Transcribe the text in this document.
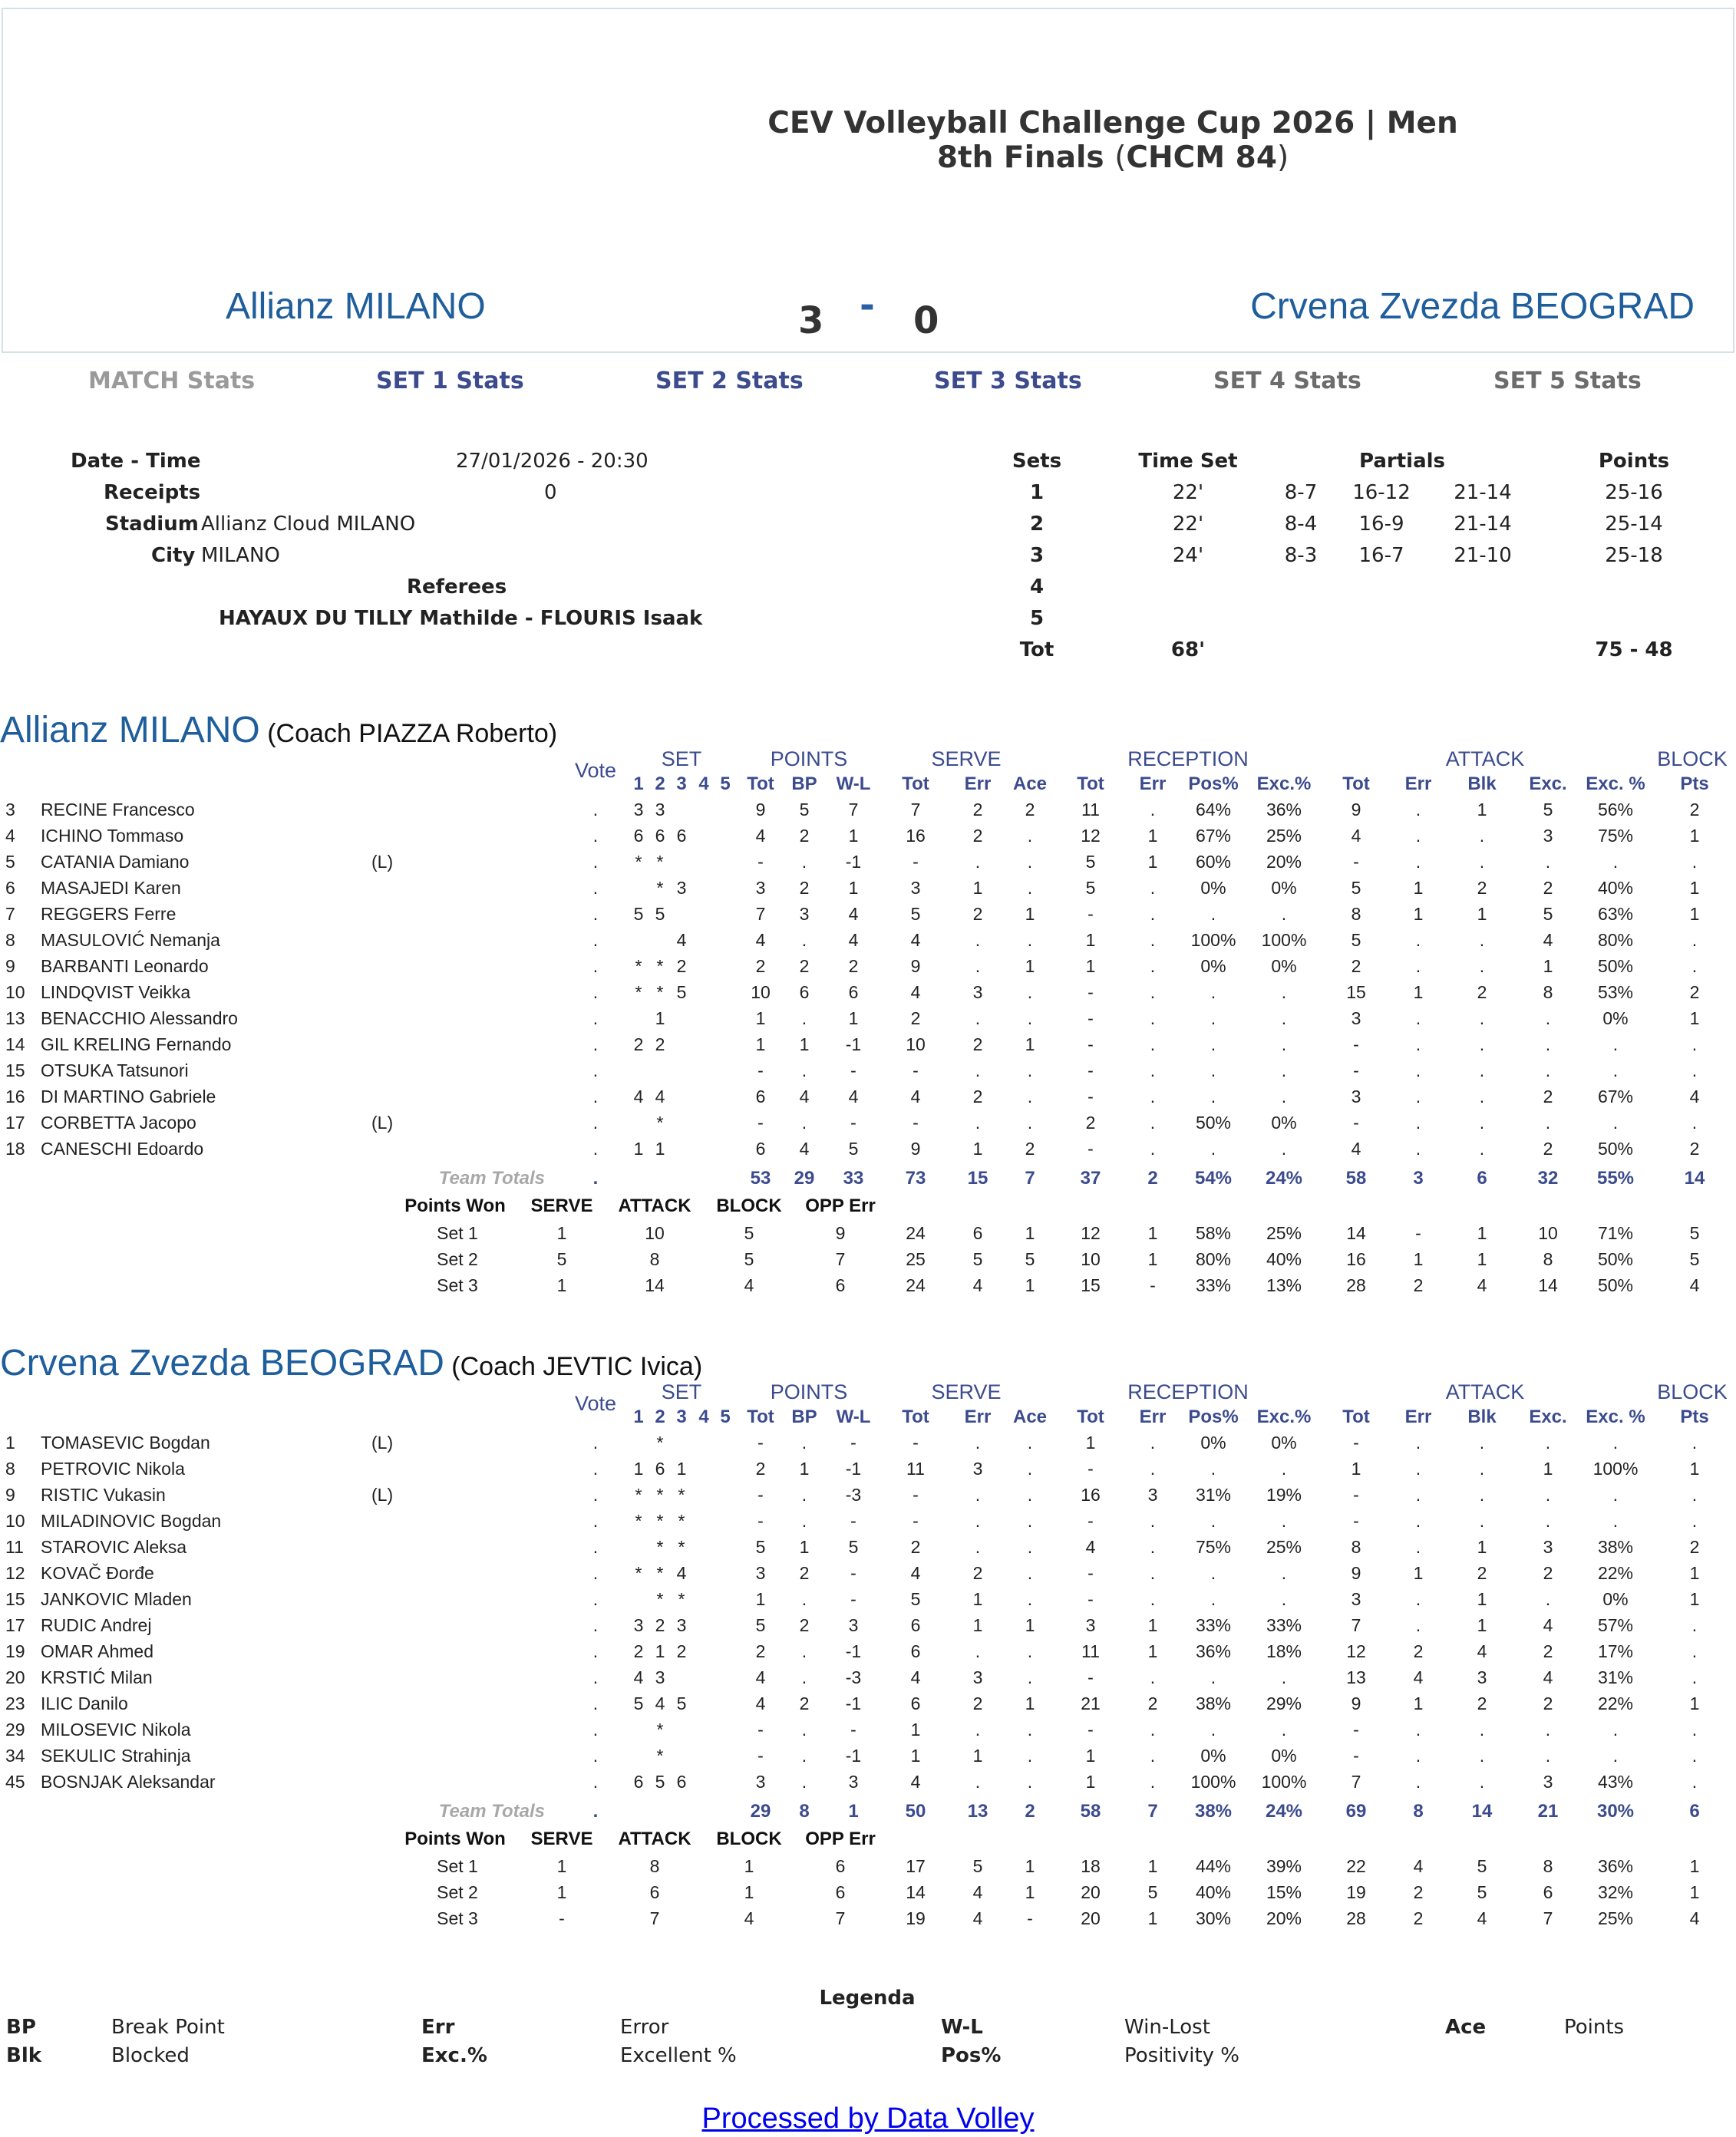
CEV Volleyball Challenge Cup 2026 | Men
8th Finals (CHCM 84)
Allianz MILANO	Crvena Zvezda BEOGRAD
3 - 0
MATCH Stats	SET 1 Stats	SET 2 Stats	SET 3 Stats	SET 4 Stats	SET 5 Stats
Date - Time	27/01/2026 - 20:30
Receipts	0
Stadium Allianz Cloud MILANO
City MILANO
Referees
HAYAUX DU TILLY Mathilde - FLOURIS Isaak
Sets	Time Set	Partials	Points
1	22'	8-7	16-12	21-14	25-16
2	22'	8-4	16-9	21-14	25-14
3	24'	8-3	16-7	21-10	25-18
4
5
Tot	68'	75 - 48
Allianz MILANO (Coach PIAZZA Roberto)
Vote	SET	POINTS	SERVE	RECEPTION	ATTACK	BLOCK
1 2 3 4 5 Tot BP	W-L	Tot	Err	Ace	Tot	Err	Pos% Exc.%	Tot	Err	Blk	Exc.	Exc. %	Pts
3 RECINE Francesco	.	3 3	9	5	7	7	2	2	11	.	64%	36%	9	.	1	5	56%	2
4 ICHINO Tommaso	.	6 6 6	4	2	1	16	2	.	12	1	67%	25%	4	.	.	3	75%	1
5 CATANIA Damiano	(L)	.	* *	-	.	-1	-	.	.	5	1	60%	20%	-	.	.	.	.	.
6 MASAJEDI Karen	.	* 3	3	2	1	3	1	.	5	.	0%	0%	5	1	2	2	40%	1
7 REGGERS Ferre	.	5 5	7	3	4	5	2	1	-	.	.	.	8	1	1	5	63%	1
8 MASULOVIĆ Nemanja	.	4	4	.	4	4	.	.	1	.	100%	100%	5	.	.	4	80%	.
9 BARBANTI Leonardo	.	* * 2	2	2	2	9	.	1	1	.	0%	0%	2	.	.	1	50%	.
10 LINDQVIST Veikka	.	* * 5	10	6	6	4	3	.	-	.	.	.	15	1	2	8	53%	2
13 BENACCHIO Alessandro	.	1	1	.	1	2	.	.	-	.	.	.	3	.	.	.	0%	1
14 GIL KRELING Fernando	.	2 2	1	1	-1	10	2	1	-	.	.	.	-	.	.	.	.	.
15 OTSUKA Tatsunori	.	-	.	-	-	.	.	-	.	.	.	-	.	.	.	.	.
16 DI MARTINO Gabriele	.	4 4	6	4	4	4	2	.	-	.	.	.	3	.	.	2	67%	4
17 CORBETTA Jacopo	(L)	.	*	-	.	-	-	.	.	2	.	50%	0%	-	.	.	.	.	.
18 CANESCHI Edoardo	.	1 1	6	4	5	9	1	2	-	.	.	.	4	.	.	2	50%	2
Team Totals	.	53	29	33	73	15	7	37	2	54%	24%	58	3	6	32	55%	14
Points Won	SERVE	ATTACK	BLOCK	OPP Err
Set 1	1	10	5	9	24	6	1	12	1	58%	25%	14	-	1	10	71%	5
Set 2	5	8	5	7	25	5	5	10	1	80%	40%	16	1	1	8	50%	5
Set 3	1	14	4	6	24	4	1	15	-	33%	13%	28	2	4	14	50%	4
Crvena Zvezda BEOGRAD (Coach JEVTIC Ivica)
Vote	SET	POINTS	SERVE	RECEPTION	ATTACK	BLOCK
1 2 3 4 5 Tot BP	W-L	Tot	Err	Ace	Tot	Err	Pos% Exc.%	Tot	Err	Blk	Exc.	Exc. %	Pts
1 TOMASEVIC Bogdan	(L)	.	*	-	.	-	-	.	.	1	.	0%	0%	-	.	.	.	.	.
8 PETROVIC Nikola	.	1 6 1	2	1	-1	11	3	.	-	.	.	.	1	.	.	1	100%	1
9 RISTIC Vukasin	(L)	.	* * *	-	.	-3	-	.	.	16	3	31%	19%	-	.	.	.	.	.
10 MILADINOVIC Bogdan	.	* * *	-	.	-	-	.	.	-	.	.	.	-	.	.	.	.	.
11 STAROVIC Aleksa	.	* *	5	1	5	2	.	.	4	.	75%	25%	8	.	1	3	38%	2
12 KOVAČ Đorđe	.	* * 4	3	2	-	4	2	.	-	.	.	.	9	1	2	2	22%	1
15 JANKOVIC Mladen	.	* *	1	.	-	5	1	.	-	.	.	.	3	.	1	.	0%	1
17 RUDIC Andrej	.	3 2 3	5	2	3	6	1	1	3	1	33%	33%	7	.	1	4	57%	.
19 OMAR Ahmed	.	2 1 2	2	.	-1	6	.	.	11	1	36%	18%	12	2	4	2	17%	.
20 KRSTIĆ Milan	.	4 3	4	.	-3	4	3	.	-	.	.	.	13	4	3	4	31%	.
23 ILIC Danilo	.	5 4 5	4	2	-1	6	2	1	21	2	38%	29%	9	1	2	2	22%	1
29 MILOSEVIC Nikola	.	*	-	.	-	1	.	.	-	.	.	.	-	.	.	.	.	.
34 SEKULIC Strahinja	.	*	-	.	-1	1	1	.	1	.	0%	0%	-	.	.	.	.	.
45 BOSNJAK Aleksandar	.	6 5 6	3	.	3	4	.	.	1	.	100%	100%	7	.	.	3	43%	.
Team Totals	.	29	8	1	50	13	2	58	7	38%	24%	69	8	14	21	30%	6
Points Won	SERVE	ATTACK	BLOCK	OPP Err
Set 1	1	8	1	6	17	5	1	18	1	44%	39%	22	4	5	8	36%	1
Set 2	1	6	1	6	14	4	1	20	5	40%	15%	19	2	5	6	32%	1
Set 3	-	7	4	7	19	4	-	20	1	30%	20%	28	2	4	7	25%	4
Legenda
BP	Break Point	Err	Error	W-L	Win-Lost	Ace	Points
Blk	Blocked	Exc.%	Excellent %	Pos%	Positivity %
Processed by Data Volley
